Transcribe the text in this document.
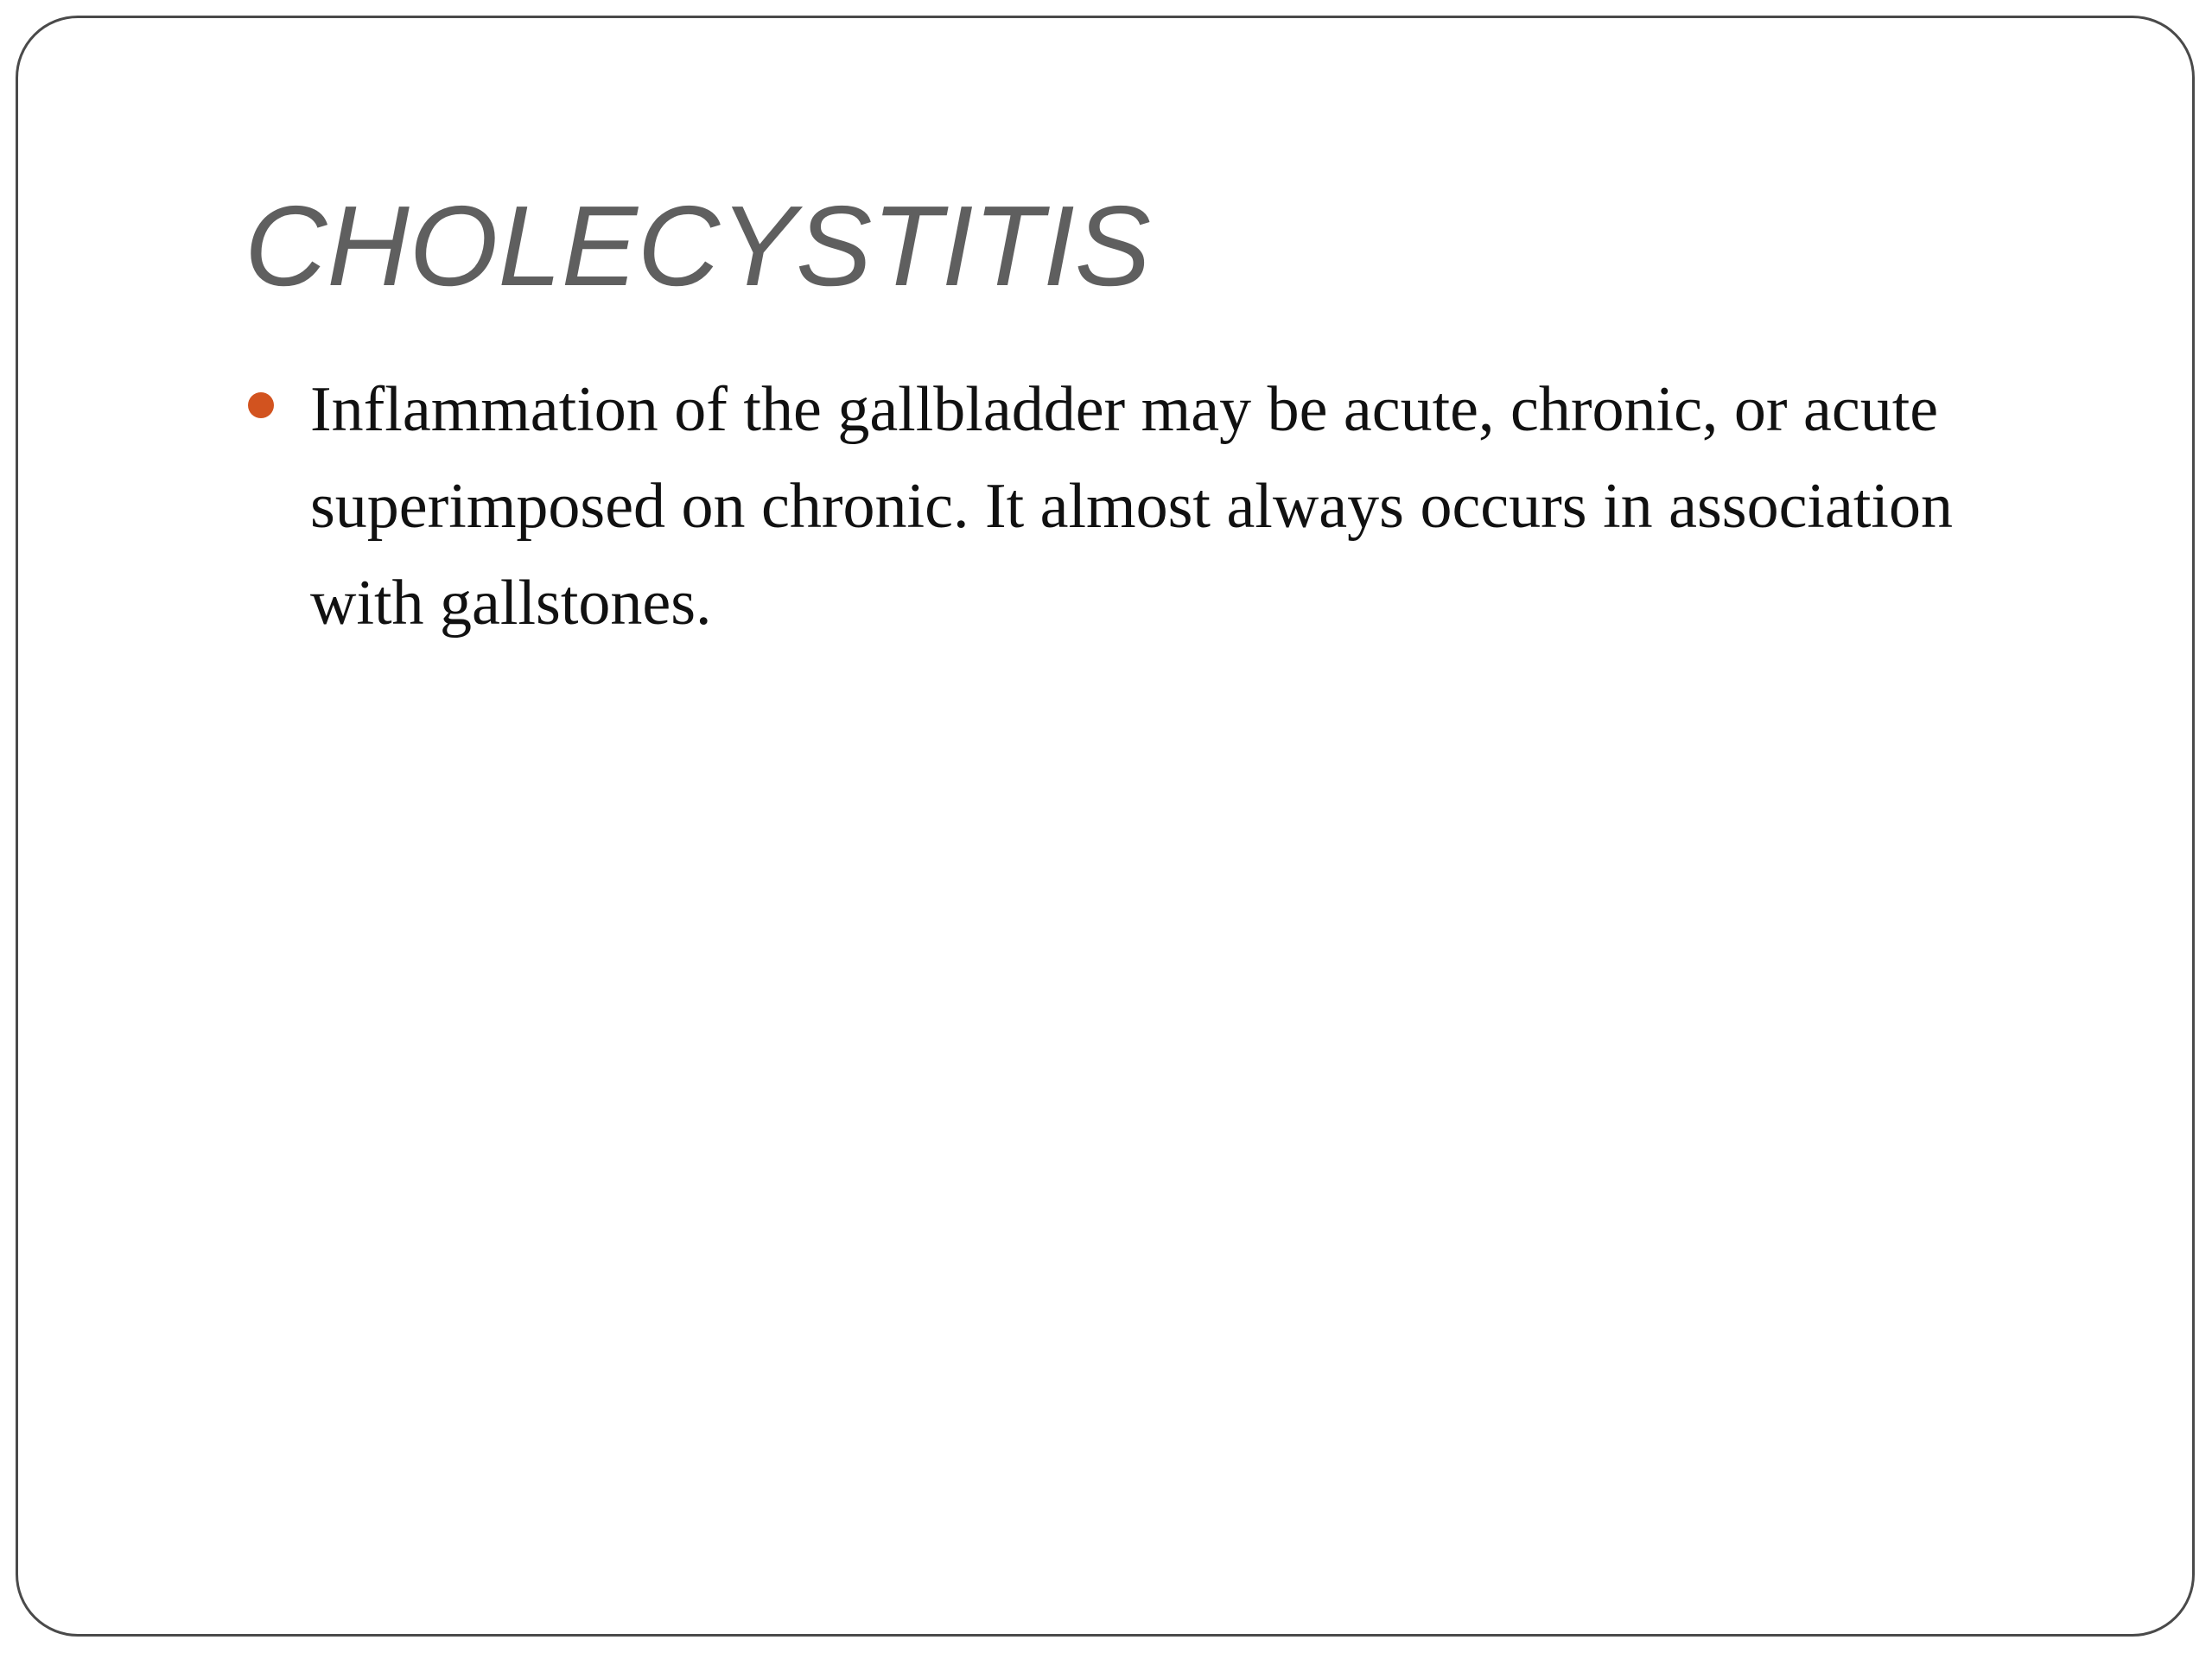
CHOLECYSTITIS
Inflammation of the gallbladder may be acute, chronic, or acute superimposed on chronic. It almost always occurs in association with gallstones.
